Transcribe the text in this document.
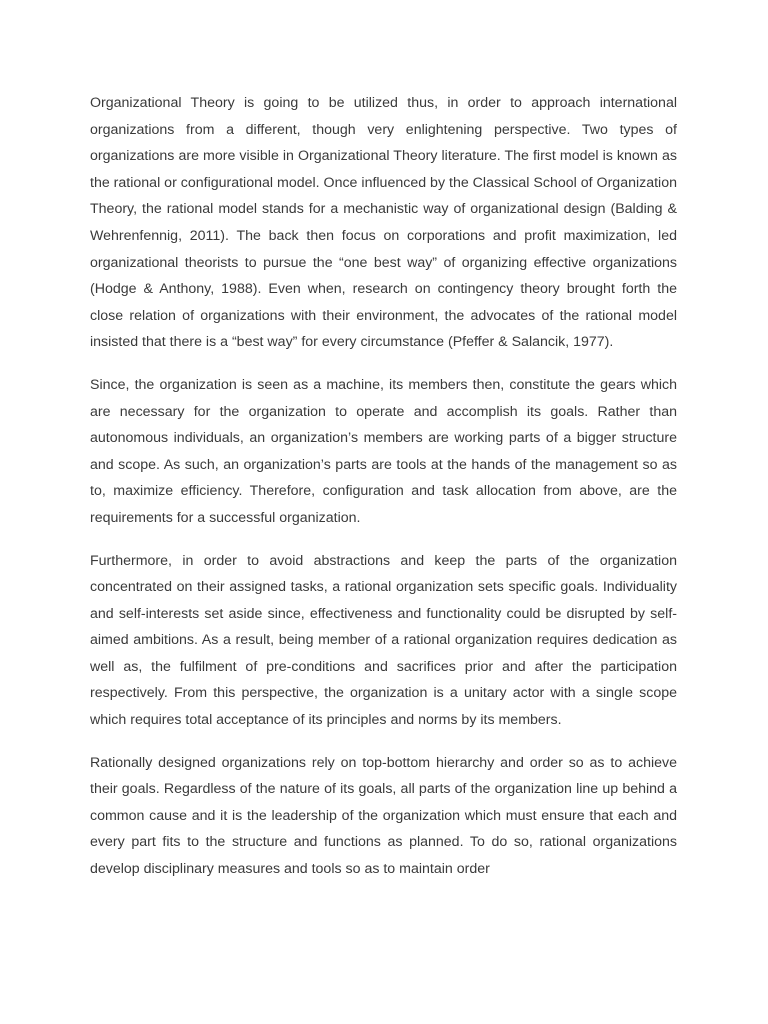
Organizational Theory is going to be utilized thus, in order to approach international organizations from a different, though very enlightening perspective. Two types of organizations are more visible in Organizational Theory literature. The first model is known as the rational or configurational model. Once influenced by the Classical School of Organization Theory, the rational model stands for a mechanistic way of organizational design (Balding & Wehrenfennig, 2011). The back then focus on corporations and profit maximization, led organizational theorists to pursue the “one best way” of organizing effective organizations (Hodge & Anthony, 1988). Even when, research on contingency theory brought forth the close relation of organizations with their environment, the advocates of the rational model insisted that there is a “best way” for every circumstance (Pfeffer & Salancik, 1977).

Since, the organization is seen as a machine, its members then, constitute the gears which are necessary for the organization to operate and accomplish its goals. Rather than autonomous individuals, an organization’s members are working parts of a bigger structure and scope. As such, an organization’s parts are tools at the hands of the management so as to, maximize efficiency. Therefore, configuration and task allocation from above, are the requirements for a successful organization.

Furthermore, in order to avoid abstractions and keep the parts of the organization concentrated on their assigned tasks, a rational organization sets specific goals. Individuality and self-interests set aside since, effectiveness and functionality could be disrupted by self-aimed ambitions. As a result, being member of a rational organization requires dedication as well as, the fulfilment of pre-conditions and sacrifices prior and after the participation respectively. From this perspective, the organization is a unitary actor with a single scope which requires total acceptance of its principles and norms by its members.

Rationally designed organizations rely on top-bottom hierarchy and order so as to achieve their goals. Regardless of the nature of its goals, all parts of the organization line up behind a common cause and it is the leadership of the organization which must ensure that each and every part fits to the structure and functions as planned. To do so, rational organizations develop disciplinary measures and tools so as to maintain order
